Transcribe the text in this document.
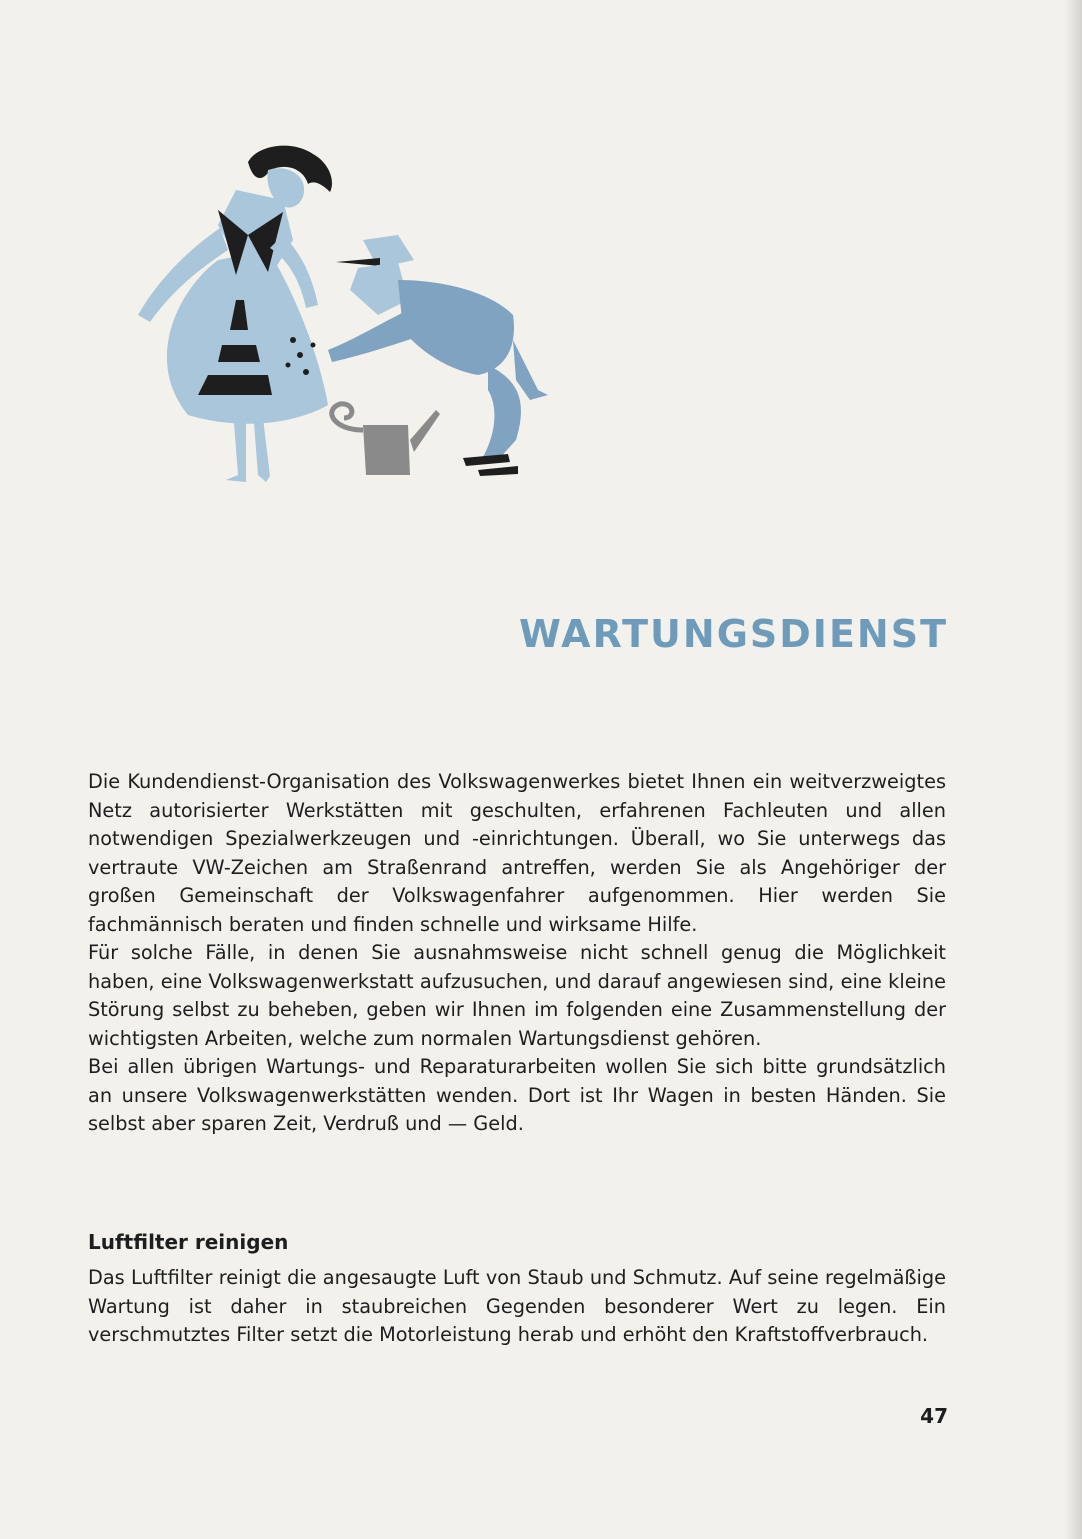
WARTUNGSDIENST

Die Kundendienst-Organisation des Volkswagenwerkes bietet Ihnen ein weitverzweigtes Netz autorisierter Werkstätten mit geschulten, erfahrenen Fachleuten und allen notwendigen Spezialwerkzeugen und -einrichtungen. Überall, wo Sie unterwegs das vertraute VW-Zeichen am Straßenrand antreffen, werden Sie als Angehöriger der großen Gemeinschaft der Volkswagenfahrer aufgenommen. Hier werden Sie fachmännisch beraten und finden schnelle und wirksame Hilfe.

Für solche Fälle, in denen Sie ausnahmsweise nicht schnell genug die Möglichkeit haben, eine Volkswagenwerkstatt aufzusuchen, und darauf angewiesen sind, eine kleine Störung selbst zu beheben, geben wir Ihnen im folgenden eine Zusammenstellung der wichtigsten Arbeiten, welche zum normalen Wartungsdienst gehören.

Bei allen übrigen Wartungs- und Reparaturarbeiten wollen Sie sich bitte grundsätzlich an unsere Volkswagenwerkstätten wenden. Dort ist Ihr Wagen in besten Händen. Sie selbst aber sparen Zeit, Verdruß und — Geld.

Luftfilter reinigen

Das Luftfilter reinigt die angesaugte Luft von Staub und Schmutz. Auf seine regelmäßige Wartung ist daher in staubreichen Gegenden besonderer Wert zu legen. Ein verschmutztes Filter setzt die Motorleistung herab und erhöht den Kraftstoffverbrauch.

47
